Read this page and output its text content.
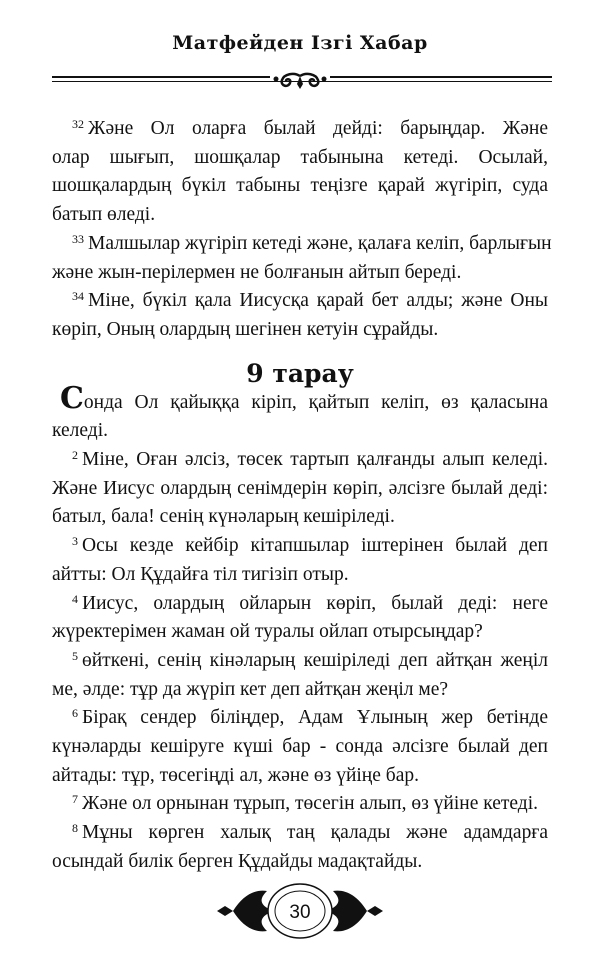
Матфейден Ізгі Хабар
$^{32}$ Және Ол оларға былай дейді: барыңдар. Және
олар шығып, шошқалар табынына кетеді. Осылай,
шошқалардың бүкіл табыны теңізге қарай жүгіріп, суда
батып өледі.
$^{33}$ Малшылар жүгіріп кетеді және, қалаға келіп, барлығын
және жын-перілермен не болғанын айтып береді.
$^{34}$ Міне, бүкіл қала Иисусқа қарай бет алды; және Оны
көріп, Оның олардың шегінен кетуін сұрайды.
9 тарау
Сонда Ол қайыққа кіріп, қайтып келіп, өз қаласына
келеді.
$^2$ Міне, Оған әлсіз, төсек тартып қалғанды алып келеді.
Және Иисус олардың сенімдерін көріп, әлсізге былай деді:
батыл, бала! сенің күнәларың кешіріледі.
$^3$ Осы кезде кейбір кітапшылар іштерінен былай деп
айтты: Ол Құдайға тіл тигізіп отыр.
$^4$ Иисус, олардың ойларын көріп, былай деді: неге
жүректерімен жаман ой туралы ойлап отырсыңдар?
$^5$ өйткені, сенің кінәларың кешіріледі деп айтқан жеңіл
ме, әлде: тұр да жүріп кет деп айтқан жеңіл ме?
$^6$ Бірақ сендер біліңдер, Адам Ұлының жер бетінде
күнәларды кешіруге күші бар - сонда әлсізге былай деп
айтады: тұр, төсегіңді ал, және өз үйіңе бар.
$^7$ Және ол орнынан тұрып, төсегін алып, өз үйіне кетеді.
$^8$ Мұны көрген халық таң қалады және адамдарға
осындай билік берген Құдайды мадақтайды.
30
